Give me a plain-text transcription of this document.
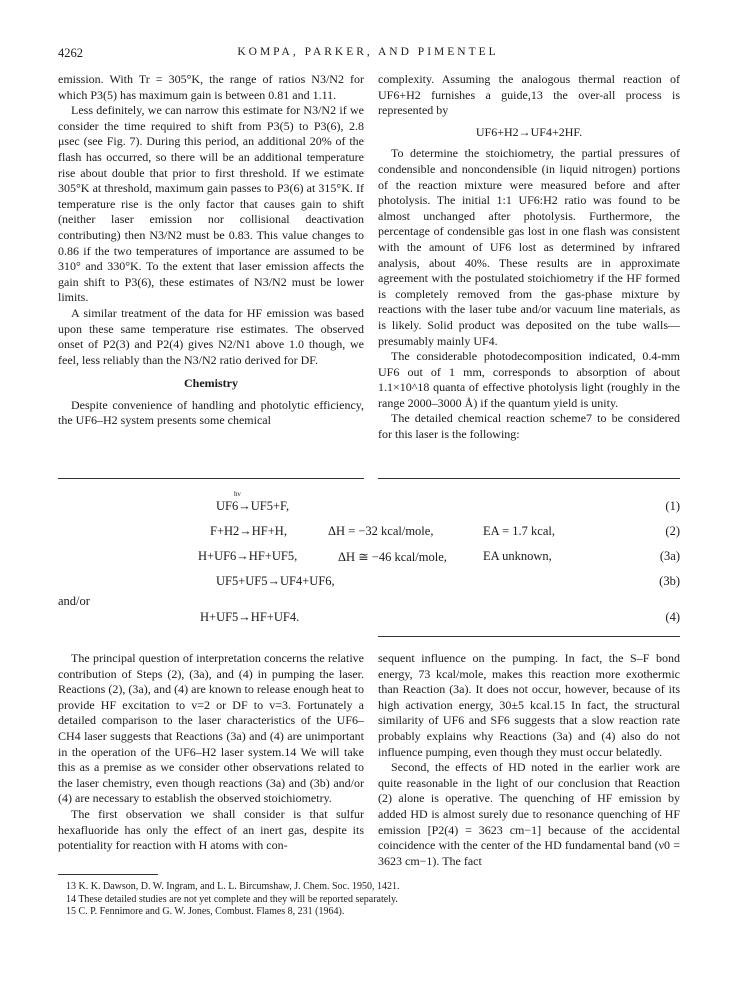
4262	KOMPA, PARKER, AND PIMENTEL

emission. With Tr = 305°K, the range of ratios N3/N2 for which P3(5) has maximum gain is between 0.81 and 1.11.

Less definitely, we can narrow this estimate for N3/N2 if we consider the time required to shift from P3(5) to P3(6), 2.8 μsec (see Fig. 7). During this period, an additional 20% of the flash has occurred, so there will be an additional temperature rise about double that prior to first threshold. If we estimate 305°K at threshold, maximum gain passes to P3(6) at 315°K. If temperature rise is the only factor that causes gain to shift (neither laser emission nor collisional deactivation contributing) then N3/N2 must be 0.83. This value changes to 0.86 if the two temperatures of importance are assumed to be 310° and 330°K. To the extent that laser emission affects the gain shift to P3(6), these estimates of N3/N2 must be lower limits.

A similar treatment of the data for HF emission was based upon these same temperature rise estimates. The observed onset of P2(3) and P2(4) gives N2/N1 above 1.0 though, we feel, less reliably than the N3/N2 ratio derived for DF.

Chemistry

Despite convenience of handling and photolytic efficiency, the UF6–H2 system presents some chemical

complexity. Assuming the analogous thermal reaction of UF6+H2 furnishes a guide,13 the over-all process is represented by

UF6+H2→UF4+2HF.

To determine the stoichiometry, the partial pressures of condensible and noncondensible (in liquid nitrogen) portions of the reaction mixture were measured before and after photolysis. The initial 1:1 UF6:H2 ratio was found to be almost unchanged after photolysis. Furthermore, the percentage of condensible gas lost in one flash was consistent with the amount of UF6 lost as determined by infrared analysis, about 40%. These results are in approximate agreement with the postulated stoichiometry if the HF formed is completely removed from the gas-phase mixture by reactions with the laser tube and/or vacuum line materials, as is likely. Solid product was deposited on the tube walls—presumably mainly UF4.

The considerable photodecomposition indicated, 0.4-mm UF6 out of 1 mm, corresponds to absorption of about 1.1×10^18 quanta of effective photolysis light (roughly in the range 2000–3000 Å) if the quantum yield is unity.

The detailed chemical reaction scheme7 to be considered for this laser is the following:

hν
UF6→UF5+F,	(1)
F+H2→HF+H,	ΔH = −32 kcal/mole,	EA = 1.7 kcal,	(2)
H+UF6→HF+UF5,	ΔH ≅ −46 kcal/mole,	EA unknown,	(3a)
UF5+UF5→UF4+UF6,	(3b)
and/or
H+UF5→HF+UF4.	(4)

The principal question of interpretation concerns the relative contribution of Steps (2), (3a), and (4) in pumping the laser. Reactions (2), (3a), and (4) are known to release enough heat to provide HF excitation to v=2 or DF to v=3. Fortunately a detailed comparison to the laser characteristics of the UF6–CH4 laser suggests that Reactions (3a) and (4) are unimportant in the operation of the UF6–H2 laser system.14 We will take this as a premise as we consider other observations related to the laser chemistry, even though reactions (3a) and (3b) and/or (4) are necessary to establish the observed stoichiometry.

The first observation we shall consider is that sulfur hexafluoride has only the effect of an inert gas, despite its potentiality for reaction with H atoms with con-

sequent influence on the pumping. In fact, the S–F bond energy, 73 kcal/mole, makes this reaction more exothermic than Reaction (3a). It does not occur, however, because of its high activation energy, 30±5 kcal.15 In fact, the structural similarity of UF6 and SF6 suggests that a slow reaction rate probably explains why Reactions (3a) and (4) also do not influence pumping, even though they must occur belatedly.

Second, the effects of HD noted in the earlier work are quite reasonable in the light of our conclusion that Reaction (2) alone is operative. The quenching of HF emission by added HD is almost surely due to resonance quenching of HF emission [P2(4) = 3623 cm−1] because of the accidental coincidence with the center of the HD fundamental band (ν0 = 3623 cm−1). The fact

13 K. K. Dawson, D. W. Ingram, and L. L. Bircumshaw, J. Chem. Soc. 1950, 1421.
14 These detailed studies are not yet complete and they will be reported separately.
15 C. P. Fennimore and G. W. Jones, Combust. Flames 8, 231 (1964).
